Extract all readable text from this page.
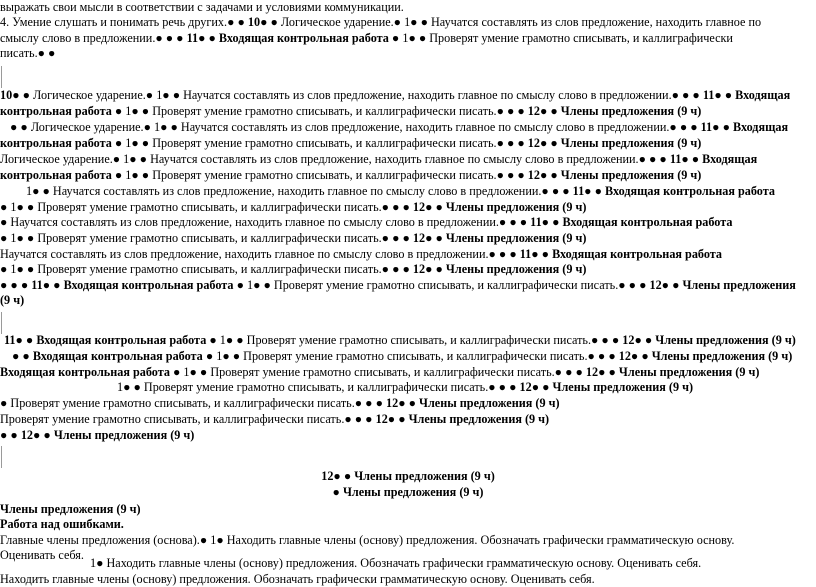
выражать свои мысли в соответствии с задачами и условиями коммуникации.
4. Умение слушать и понимать речь других.● ● 10● ● Логическое ударение.● 1● ● Научатся составлять из слов предложение, находить главное по
смыслу слово в предложении.● ● ● 11● ● Входящая контрольная работа ● 1● ● Проверят умение грамотно списывать, и каллиграфически
писать.● ●
10● ● Логическое ударение.● 1● ● Научатся составлять из слов предложение, находить главное по смыслу слово в предложении.● ● ● 11● ● Входящая
контрольная работа ● 1● ● Проверят умение грамотно списывать, и каллиграфически писать.● ● ● 12● ● Члены предложения (9 ч)
● ● Логическое ударение.● 1● ● Научатся составлять из слов предложение, находить главное по смыслу слово в предложении.● ● ● 11● ● Входящая
контрольная работа ● 1● ● Проверят умение грамотно списывать, и каллиграфически писать.● ● ● 12● ● Члены предложения (9 ч)
Логическое ударение.● 1● ● Научатся составлять из слов предложение, находить главное по смыслу слово в предложении.● ● ● 11● ● Входящая
контрольная работа ● 1● ● Проверят умение грамотно списывать, и каллиграфически писать.● ● ● 12● ● Члены предложения (9 ч)
1● ● Научатся составлять из слов предложение, находить главное по смыслу слово в предложении.● ● ● 11● ● Входящая контрольная работа
● 1● ● Проверят умение грамотно списывать, и каллиграфически писать.● ● ● 12● ● Члены предложения (9 ч)
● Научатся составлять из слов предложение, находить главное по смыслу слово в предложении.● ● ● 11● ● Входящая контрольная работа
● 1● ● Проверят умение грамотно списывать, и каллиграфически писать.● ● ● 12● ● Члены предложения (9 ч)
Научатся составлять из слов предложение, находить главное по смыслу слово в предложении.● ● ● 11● ● Входящая контрольная работа
● 1● ● Проверят умение грамотно списывать, и каллиграфически писать.● ● ● 12● ● Члены предложения (9 ч)
● ● ● 11● ● Входящая контрольная работа ● 1● ● Проверят умение грамотно списывать, и каллиграфически писать.● ● ● 12● ● Члены предложения
(9 ч)
11● ● Входящая контрольная работа ● 1● ● Проверят умение грамотно списывать, и каллиграфически писать.● ● ● 12● ● Члены предложения (9 ч)
● ● Входящая контрольная работа ● 1● ● Проверят умение грамотно списывать, и каллиграфически писать.● ● ● 12● ● Члены предложения (9 ч)
Входящая контрольная работа ● 1● ● Проверят умение грамотно списывать, и каллиграфически писать.● ● ● 12● ● Члены предложения (9 ч)
1● ● Проверят умение грамотно списывать, и каллиграфически писать.● ● ● 12● ● Члены предложения (9 ч)
● Проверят умение грамотно списывать, и каллиграфически писать.● ● ● 12● ● Члены предложения (9 ч)
Проверят умение грамотно списывать, и каллиграфически писать.● ● ● 12● ● Члены предложения (9 ч)
● ● 12● ● Члены предложения (9 ч)
12● ● Члены предложения (9 ч)
● Члены предложения (9 ч)
Члены предложения (9 ч)
Работа над ошибками.
Главные члены предложения (основа).● 1● Находить главные члены (основу) предложения. Обозначать графически грамматическую основу.
Оценивать себя.
1● Находить главные члены (основу) предложения. Обозначать графически грамматическую основу. Оценивать себя.
Находить главные члены (основу) предложения. Обозначать графически грамматическую основу. Оценивать себя.
